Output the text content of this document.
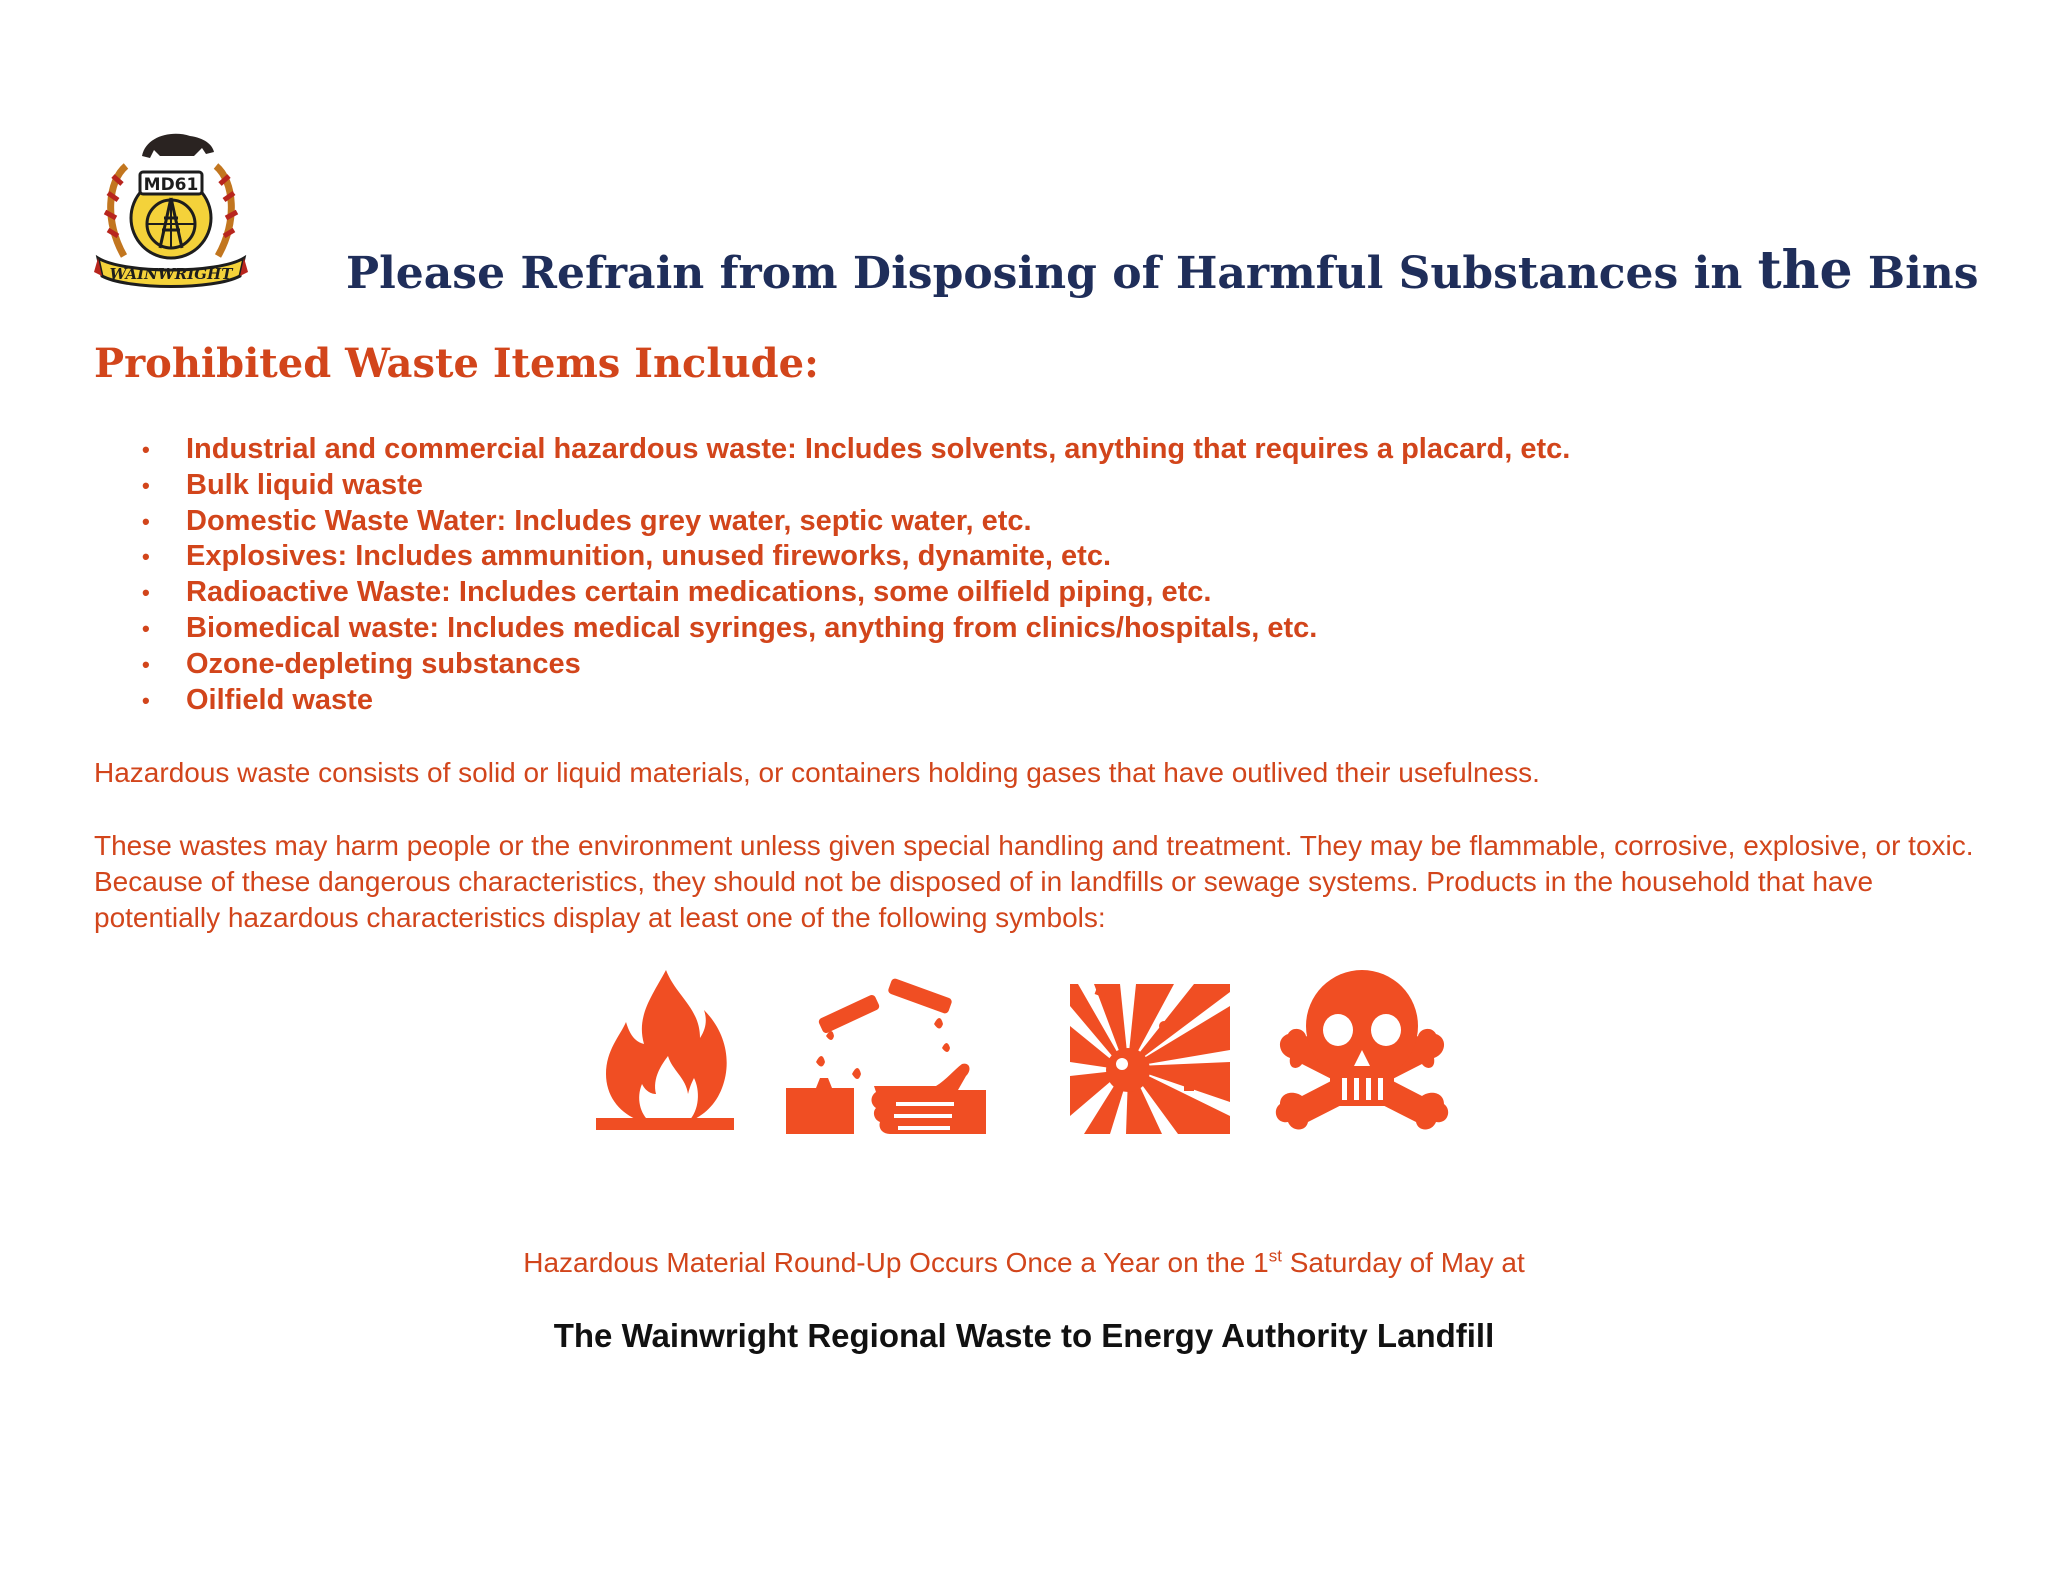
MD61
WAINWRIGHT	Please Refrain from Disposing of Harmful Substances in the Bins
Prohibited Waste Items Include:
• Industrial and commercial hazardous waste: Includes solvents, anything that requires a placard, etc.
• Bulk liquid waste
• Domestic Waste Water: Includes grey water, septic water, etc.
• Explosives: Includes ammunition, unused fireworks, dynamite, etc.
• Radioactive Waste: Includes certain medications, some oilfield piping, etc.
• Biomedical waste: Includes medical syringes, anything from clinics/hospitals, etc.
• Ozone-depleting substances
• Oilfield waste
Hazardous waste consists of solid or liquid materials, or containers holding gases that have outlived their usefulness.
These wastes may harm people or the environment unless given special handling and treatment. They may be flammable, corrosive, explosive, or toxic. Because of these dangerous characteristics, they should not be disposed of in landfills or sewage systems. Products in the household that have potentially hazardous characteristics display at least one of the following symbols:
Hazardous Material Round-Up Occurs Once a Year on the 1st Saturday of May at
The Wainwright Regional Waste to Energy Authority Landfill
